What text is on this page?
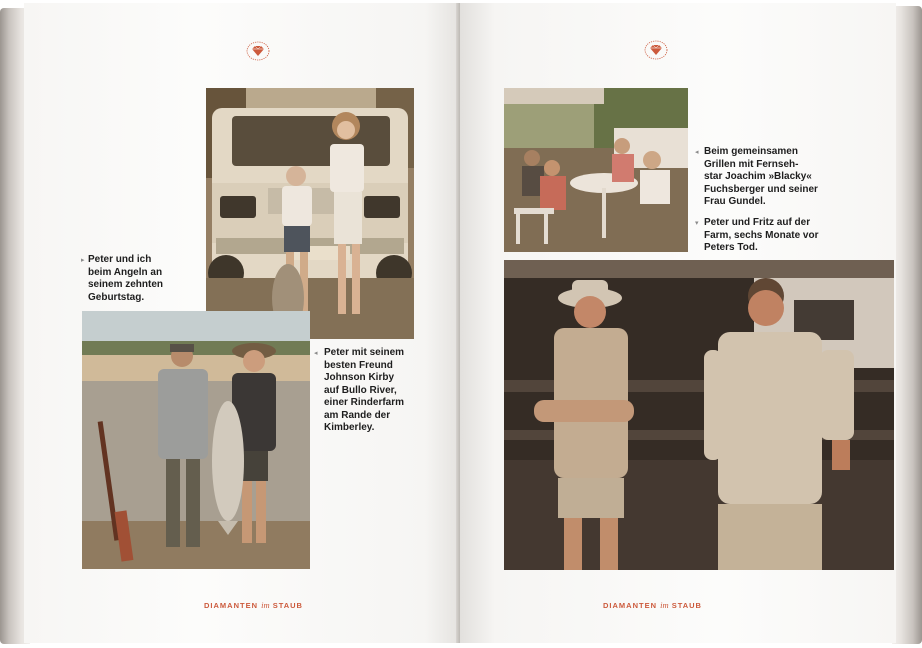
▸ Peter und ich
beim Angeln an
seinem zehnten
Geburtstag.
◂ Peter mit seinem
besten Freund
Johnson Kirby
auf Bullo River,
einer Rinderfarm
am Rande der
Kimberley.
DIAMANTEN im STAUB
◂ Beim gemeinsamen
Grillen mit Fernseh-
star Joachim »Blacky«
Fuchsberger und seiner
Frau Gundel.
▾ Peter und Fritz auf der
Farm, sechs Monate vor
Peters Tod.
DIAMANTEN im STAUB
